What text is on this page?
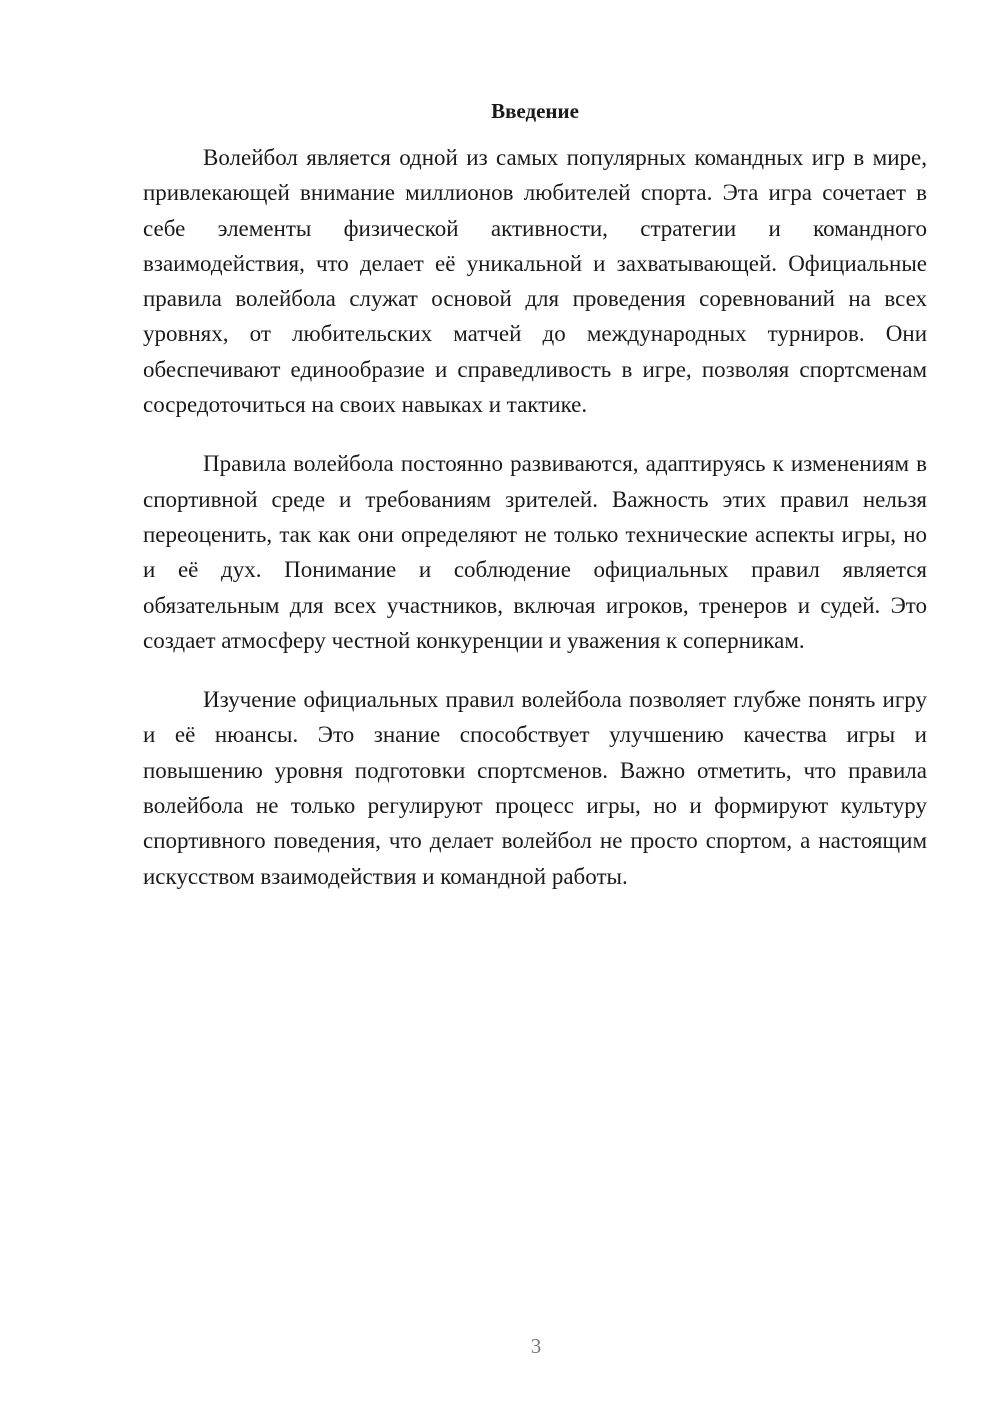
Введение

Волейбол является одной из самых популярных командных игр в мире, привлекающей внимание миллионов любителей спорта. Эта игра сочетает в себе элементы физической активности, стратегии и командного взаимодействия, что делает её уникальной и захватывающей. Официальные правила волейбола служат основой для проведения соревнований на всех уровнях, от любительских матчей до международных турниров. Они обеспечивают единообразие и справедливость в игре, позволяя спортсменам сосредоточиться на своих навыках и тактике.

Правила волейбола постоянно развиваются, адаптируясь к изменениям в спортивной среде и требованиям зрителей. Важность этих правил нельзя переоценить, так как они определяют не только технические аспекты игры, но и её дух. Понимание и соблюдение официальных правил является обязательным для всех участников, включая игроков, тренеров и судей. Это создает атмосферу честной конкуренции и уважения к соперникам.

Изучение официальных правил волейбола позволяет глубже понять игру и её нюансы. Это знание способствует улучшению качества игры и повышению уровня подготовки спортсменов. Важно отметить, что правила волейбола не только регулируют процесс игры, но и формируют культуру спортивного поведения, что делает волейбол не просто спортом, а настоящим искусством взаимодействия и командной работы.

3
